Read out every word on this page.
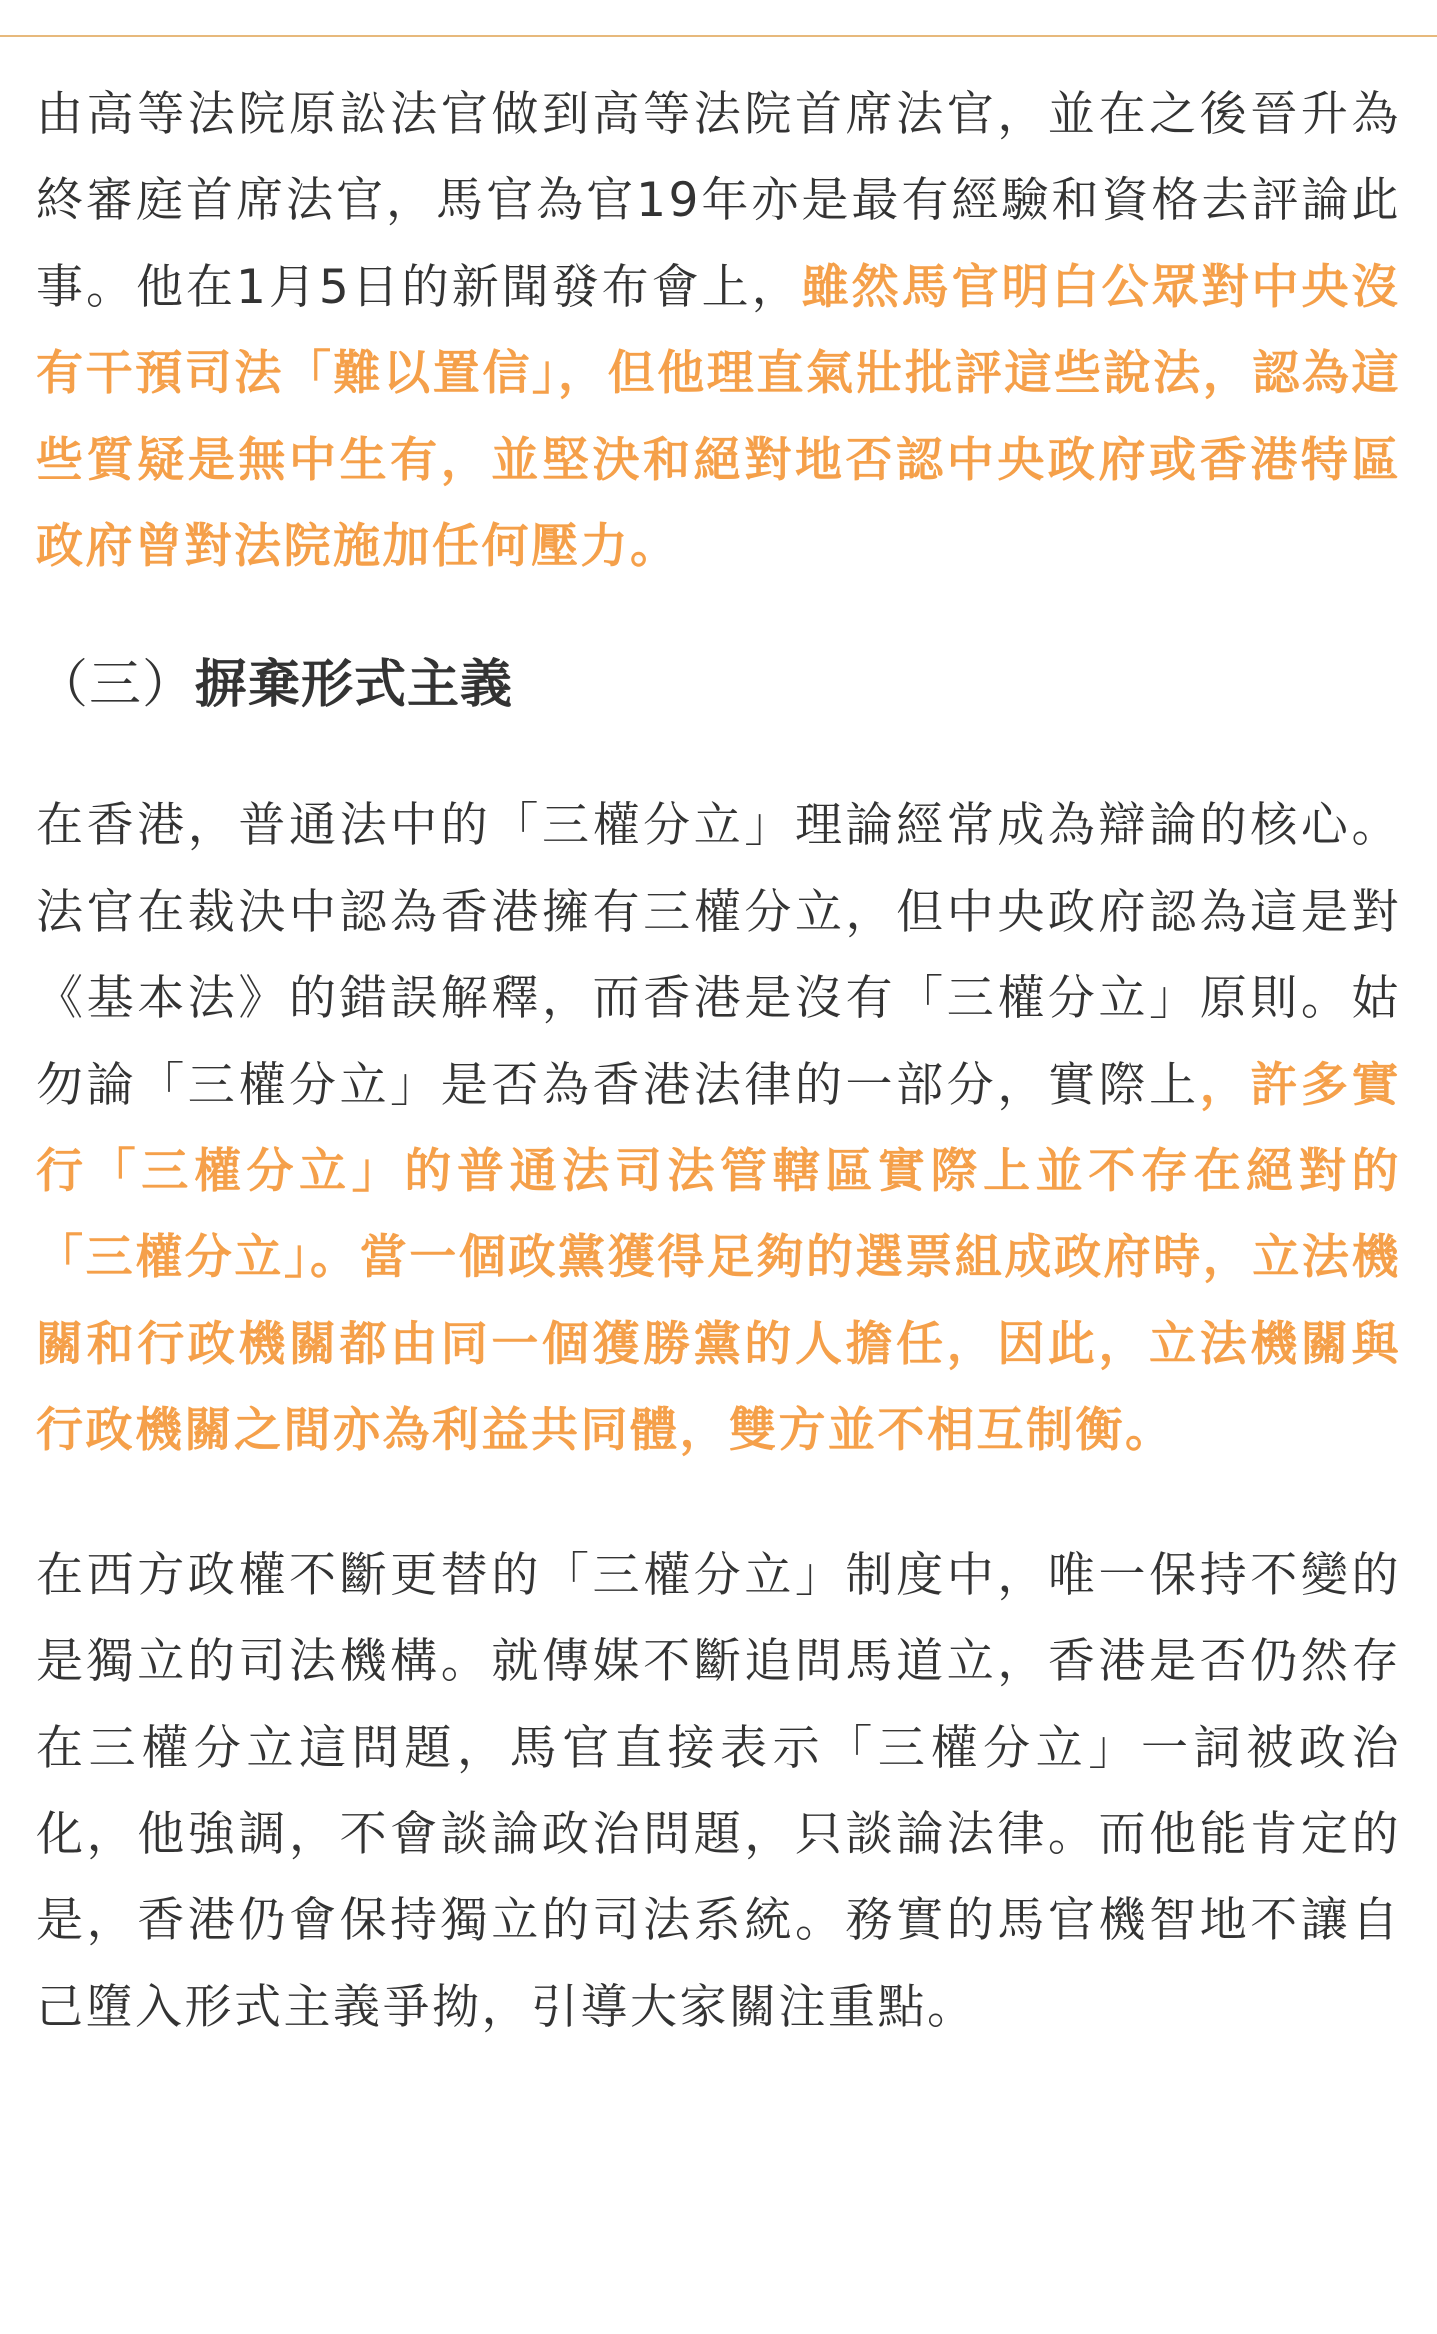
由高等法院原訟法官做到高等法院首席法官，並在之後晉升為終審庭首席法官，馬官為官19年亦是最有經驗和資格去評論此事。他在1月5日的新聞發布會上，雖然馬官明白公眾對中央沒有干預司法「難以置信」，但他理直氣壯批評這些說法，認為這些質疑是無中生有，並堅決和絕對地否認中央政府或香港特區政府曾對法院施加任何壓力。

（三）摒棄形式主義

在香港，普通法中的「三權分立」理論經常成為辯論的核心。法官在裁決中認為香港擁有三權分立，但中央政府認為這是對《基本法》的錯誤解釋，而香港是沒有「三權分立」原則。姑勿論「三權分立」是否為香港法律的一部分，實際上，許多實行「三權分立」的普通法司法管轄區實際上並不存在絕對的「三權分立」。當一個政黨獲得足夠的選票組成政府時，立法機關和行政機關都由同一個獲勝黨的人擔任，因此，立法機關與行政機關之間亦為利益共同體，雙方並不相互制衡。

在西方政權不斷更替的「三權分立」制度中，唯一保持不變的是獨立的司法機構。就傳媒不斷追問馬道立，香港是否仍然存在三權分立這問題，馬官直接表示「三權分立」一詞被政治化，他強調，不會談論政治問題，只談論法律。而他能肯定的是，香港仍會保持獨立的司法系統。務實的馬官機智地不讓自己墮入形式主義爭拗，引導大家關注重點。
